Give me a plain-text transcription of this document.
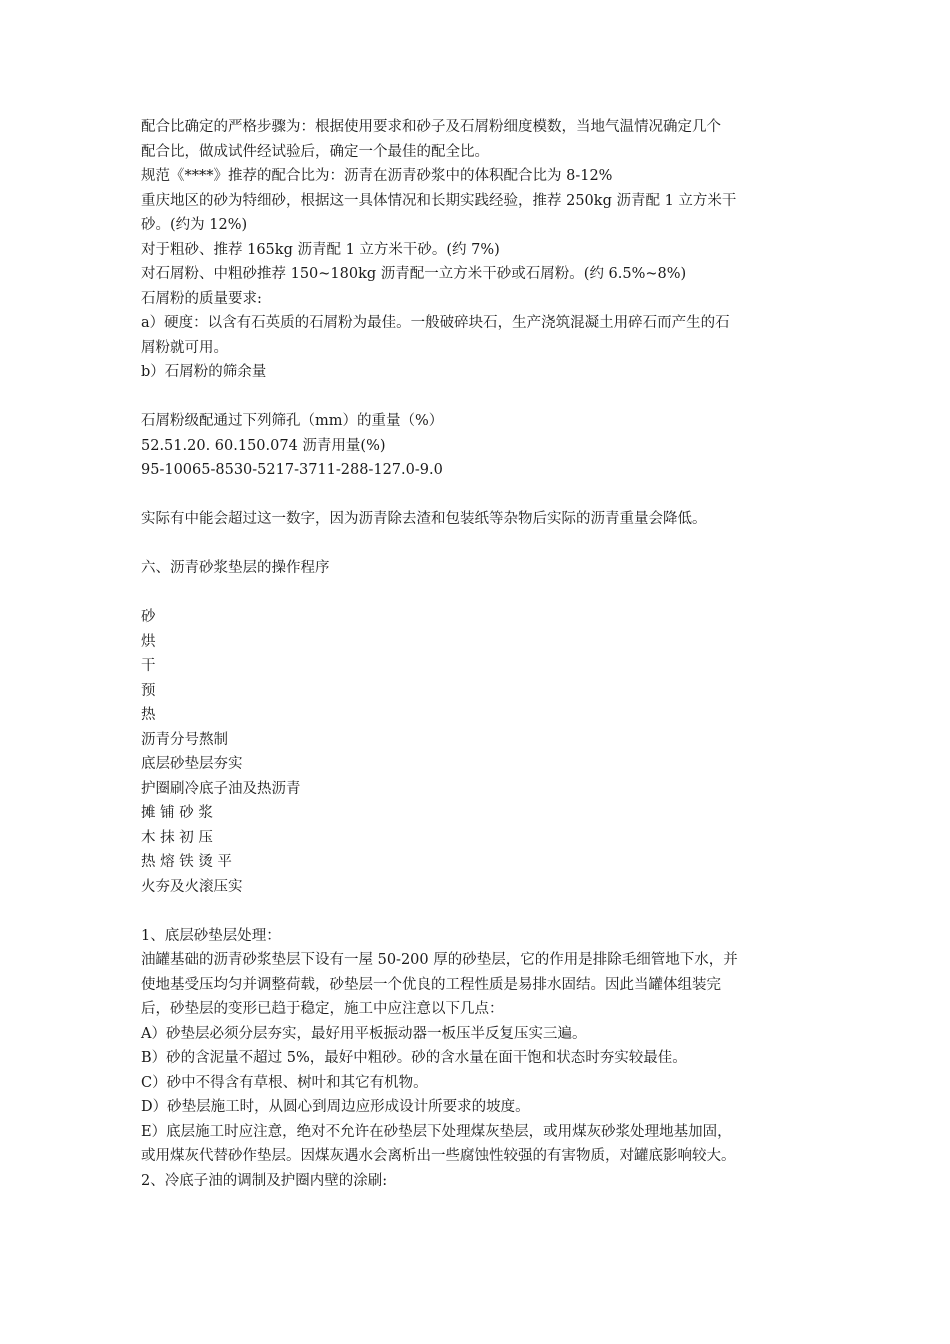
配合比确定的严格步骤为：根据使用要求和砂子及石屑粉细度模数，当地气温情况确定几个
配合比，做成试件经试验后，确定一个最佳的配全比。
规范《****》推荐的配合比为：沥青在沥青砂浆中的体积配合比为 8-12%
重庆地区的砂为特细砂，根据这一具体情况和长期实践经验，推荐 250kg 沥青配 1 立方米干
砂。(约为 12%)
对于粗砂、推荐 165kg 沥青配 1 立方米干砂。(约 7%)
对石屑粉、中粗砂推荐 150~180kg 沥青配一立方米干砂或石屑粉。(约 6.5%~8%)
石屑粉的质量要求:
a）硬度：以含有石英质的石屑粉为最佳。一般破碎块石，生产浇筑混凝土用碎石而产生的石
屑粉就可用。
b）石屑粉的筛余量
石屑粉级配通过下列筛孔（mm）的重量（%）
52.51.20. 60.150.074 沥青用量(%)
95-10065-8530-5217-3711-288-127.0-9.0
实际有中能会超过这一数字，因为沥青除去渣和包装纸等杂物后实际的沥青重量会降低。
六、沥青砂浆垫层的操作程序
砂
烘
干
预
热
沥青分号熬制
底层砂垫层夯实
护圈刷冷底子油及热沥青
摊 铺 砂 浆
木 抹 初 压
热 熔 铁 烫 平
火夯及火滚压实
1、底层砂垫层处理：
油罐基础的沥青砂浆垫层下设有一屋 50-200 厚的砂垫层，它的作用是排除毛细管地下水，并
使地基受压均匀并调整荷载，砂垫层一个优良的工程性质是易排水固结。因此当罐体组装完
后，砂垫层的变形已趋于稳定，施工中应注意以下几点：
A）砂垫层必须分层夯实，最好用平板振动器一板压半反复压实三遍。
B）砂的含泥量不超过 5%，最好中粗砂。砂的含水量在面干饱和状态时夯实较最佳。
C）砂中不得含有草根、树叶和其它有机物。
D）砂垫层施工时，从圆心到周边应形成设计所要求的坡度。
E）底层施工时应注意，绝对不允许在砂垫层下处理煤灰垫层，或用煤灰砂浆处理地基加固，
或用煤灰代替砂作垫层。因煤灰遇水会离析出一些腐蚀性较强的有害物质，对罐底影响较大。
2、冷底子油的调制及护圈内壁的涂刷:
